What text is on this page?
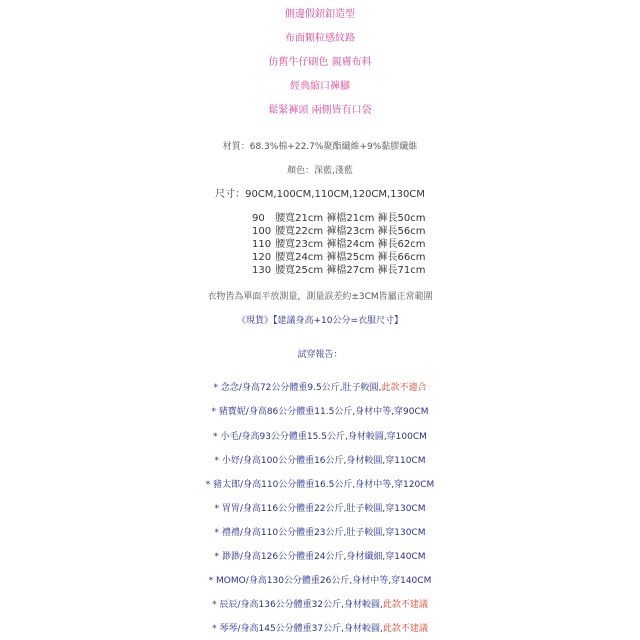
側邊假鈕釦造型
布面顆粒感紋路
仿舊牛仔刷色 親膚布料
經典縮口褲腳
鬆緊褲頭 兩側皆有口袋
材質：68.3%棉+22.7%聚酯纖維+9%黏膠纖維
顏色：深藍,淺藍
尺寸：90CM,100CM,110CM,120CM,130CM
90 腰寬21cm 褲檔21cm 褲長50cm
100 腰寬22cm 褲檔23cm 褲長56cm
110 腰寬23cm 褲檔24cm 褲長62cm
120 腰寬24cm 褲檔25cm 褲長66cm
130 腰寬25cm 褲檔27cm 褲長71cm
衣物皆為單面平放測量，測量誤差約±3CM皆屬正常範圍
《現貨》【建議身高+10公分=衣服尺寸】
試穿報告：
* 念念/身高72公分體重9.5公斤,肚子較圓,此款不適合
* 豬寶妮/身高86公分體重11.5公斤,身材中等,穿90CM
* 小毛/身高93公分體重15.5公斤,身材較圓,穿100CM
* 小妤/身高100公分體重16公斤,身材較圓,穿110CM
* 豬太郎/身高110公分體重16.5公斤,身材中等,穿120CM
* 胃胃/身高116公分體重22公斤,肚子較圓,穿130CM
* 禮禮/身高110公分體重23公斤,肚子較圓,穿130CM
* 渺渺/身高126公分體重24公斤,身材纖細,穿140CM
* MOMO/身高130公分體重26公斤,身材中等,穿140CM
* 辰辰/身高136公分體重32公斤,身材較圓,此款不建議
* 琴琴/身高145公分體重37公斤,身材較圓,此款不建議
